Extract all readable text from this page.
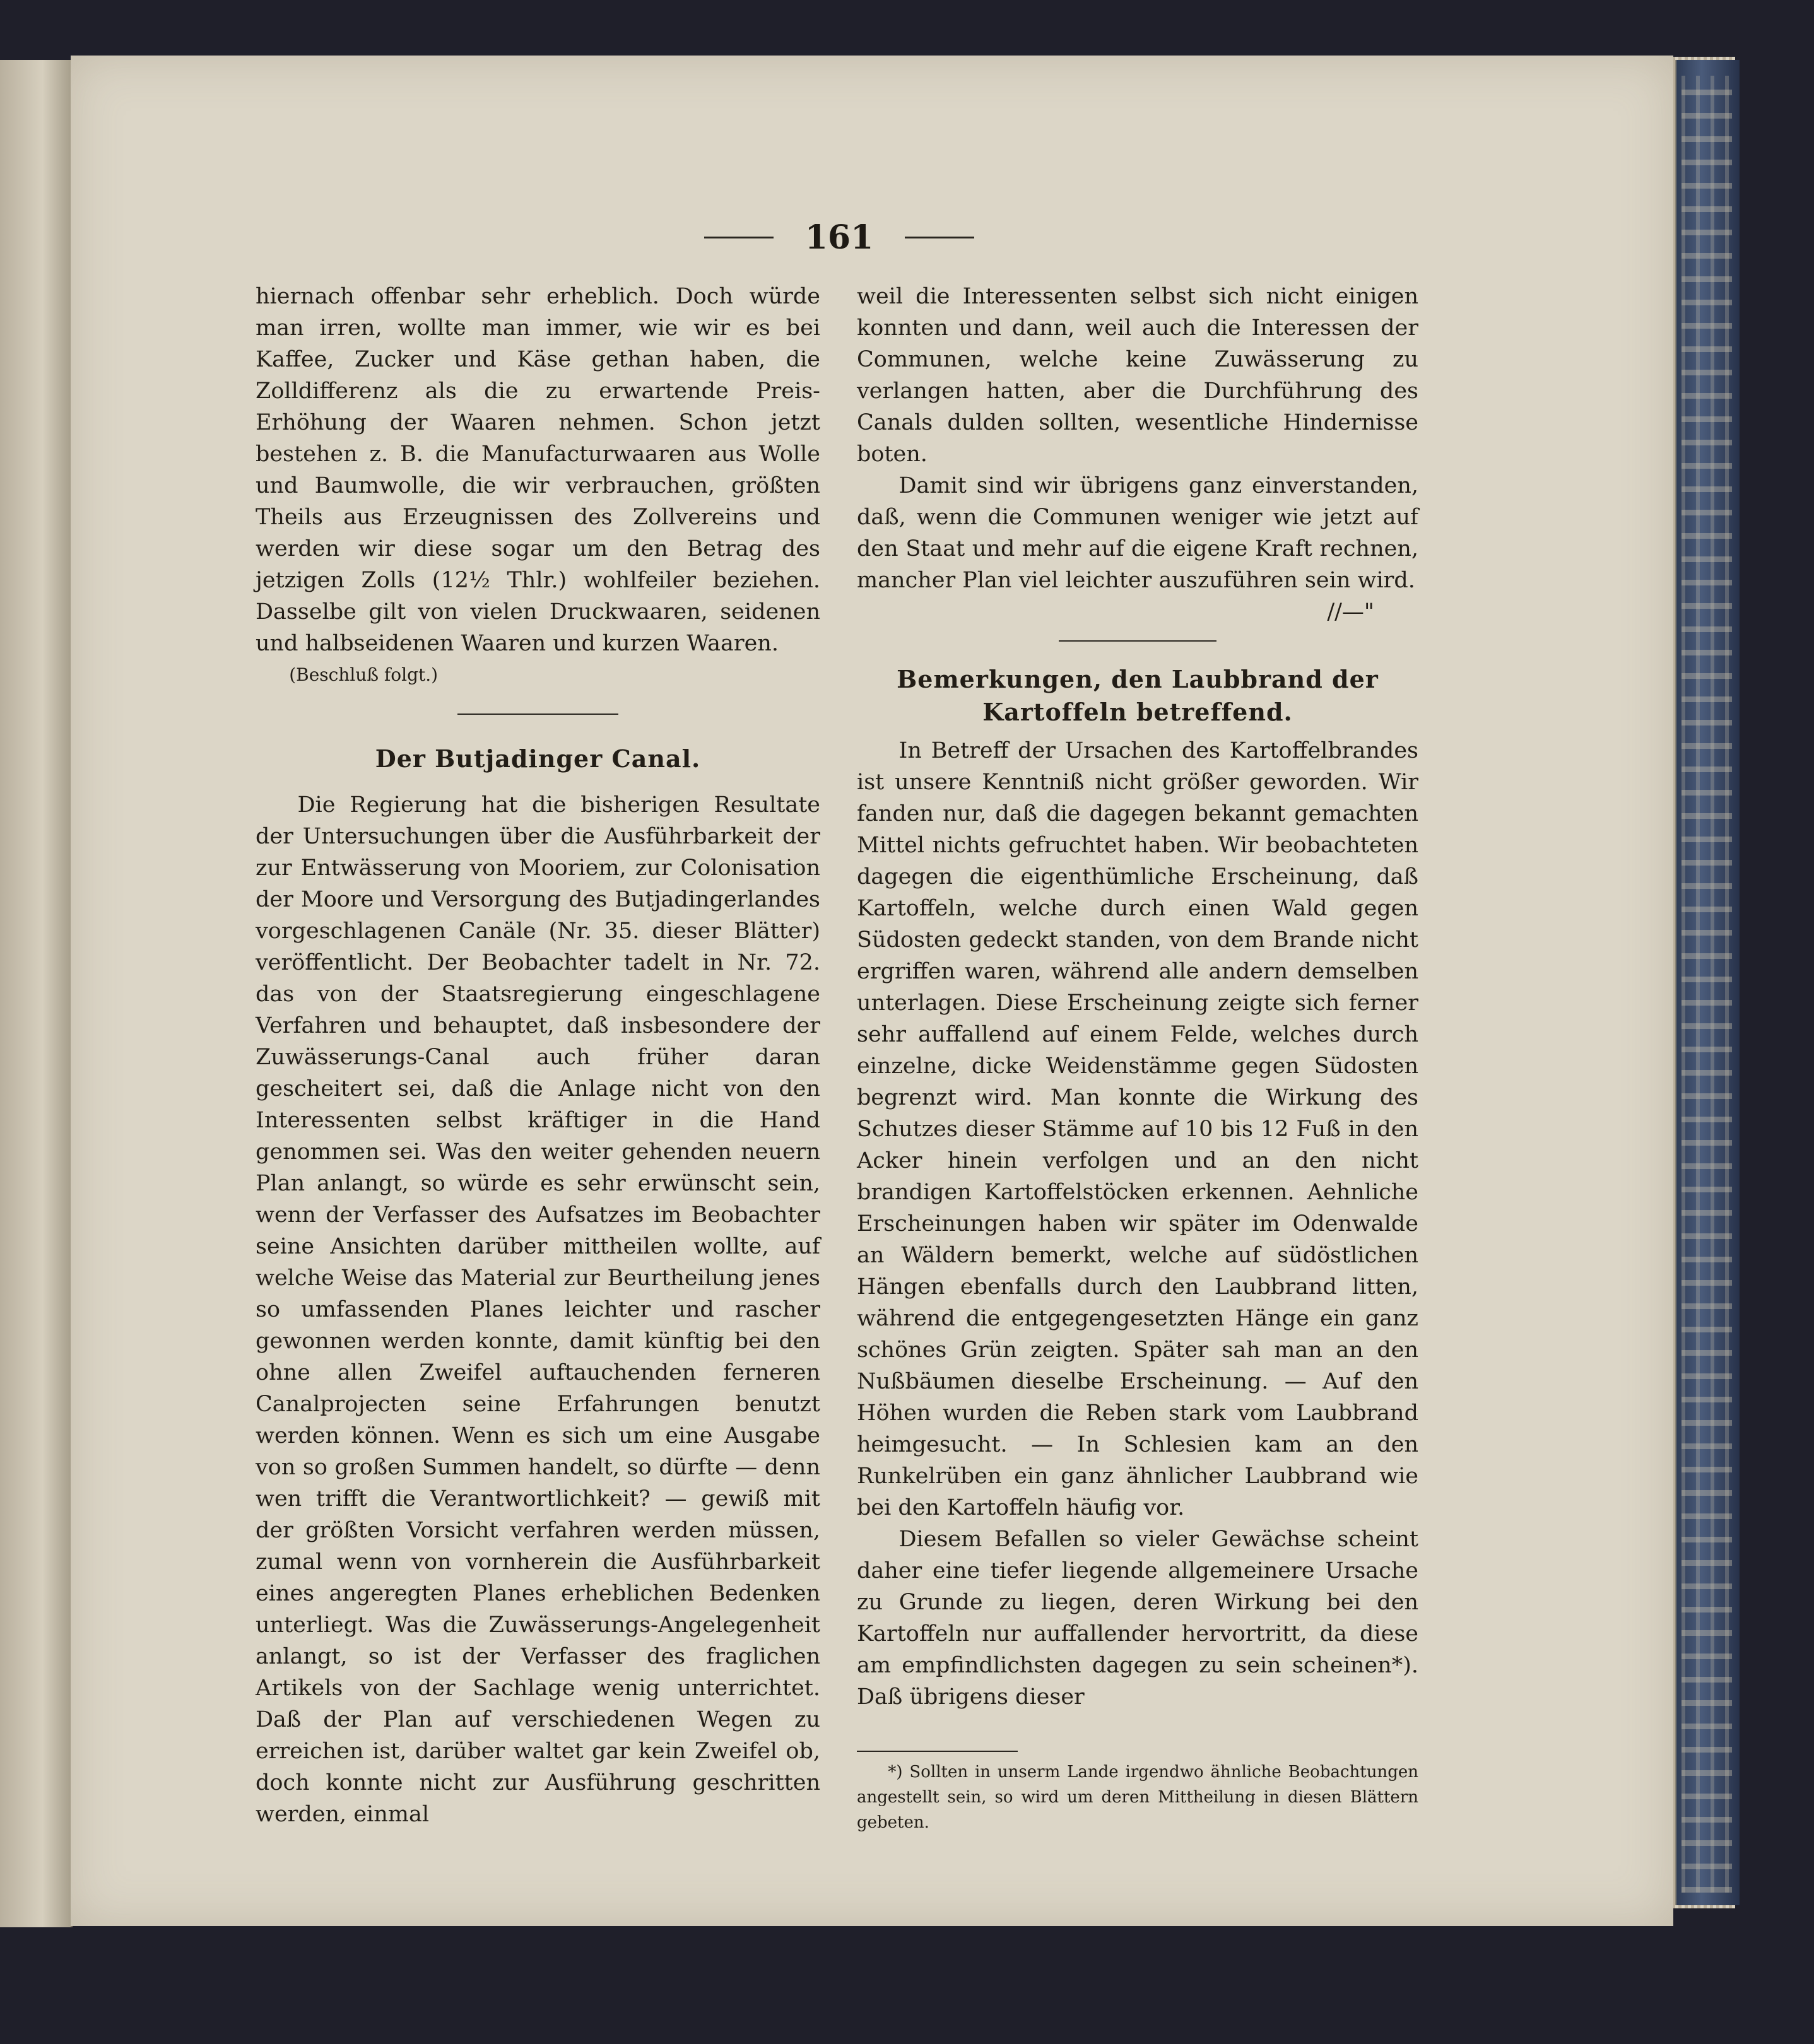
161

hiernach offenbar sehr erheblich. Doch würde man irren, wollte man immer, wie wir es bei Kaffee, Zucker und Käse gethan haben, die Zolldifferenz als die zu erwartende Preis-Erhöhung der Waaren nehmen. Schon jetzt bestehen z. B. die Manufacturwaaren aus Wolle und Baumwolle, die wir verbrauchen, größten Theils aus Erzeugnissen des Zollvereins und werden wir diese sogar um den Betrag des jetzigen Zolls (12½ Thlr.) wohlfeiler beziehen. Dasselbe gilt von vielen Druckwaaren, seidenen und halbseidenen Waaren und kurzen Waaren.

(Beschluß folgt.)

Der Butjadinger Canal.

Die Regierung hat die bisherigen Resultate der Untersuchungen über die Ausführbarkeit der zur Entwässerung von Mooriem, zur Colonisation der Moore und Versorgung des Butjadingerlandes vorgeschlagenen Canäle (Nr. 35. dieser Blätter) veröffentlicht. Der Beobachter tadelt in Nr. 72. das von der Staatsregierung eingeschlagene Verfahren und behauptet, daß insbesondere der Zuwässerungs-Canal auch früher daran gescheitert sei, daß die Anlage nicht von den Interessenten selbst kräftiger in die Hand genommen sei. Was den weiter gehenden neuern Plan anlangt, so würde es sehr erwünscht sein, wenn der Verfasser des Aufsatzes im Beobachter seine Ansichten darüber mittheilen wollte, auf welche Weise das Material zur Beurtheilung jenes so umfassenden Planes leichter und rascher gewonnen werden konnte, damit künftig bei den ohne allen Zweifel auftauchenden ferneren Canalprojecten seine Erfahrungen benutzt werden können. Wenn es sich um eine Ausgabe von so großen Summen handelt, so dürfte — denn wen trifft die Verantwortlichkeit? — gewiß mit der größten Vorsicht verfahren werden müssen, zumal wenn von vornherein die Ausführbarkeit eines angeregten Planes erheblichen Bedenken unterliegt. Was die Zuwässerungs-Angelegenheit anlangt, so ist der Verfasser des fraglichen Artikels von der Sachlage wenig unterrichtet. Daß der Plan auf verschiedenen Wegen zu erreichen ist, darüber waltet gar kein Zweifel ob, doch konnte nicht zur Ausführung geschritten werden, einmal

weil die Interessenten selbst sich nicht einigen konnten und dann, weil auch die Interessen der Communen, welche keine Zuwässerung zu verlangen hatten, aber die Durchführung des Canals dulden sollten, wesentliche Hindernisse boten.

Damit sind wir übrigens ganz einverstanden, daß, wenn die Communen weniger wie jetzt auf den Staat und mehr auf die eigene Kraft rechnen, mancher Plan viel leichter auszuführen sein wird.

//—"
Bemerkungen, den Laubbrand der
Kartoffeln betreffend.

In Betreff der Ursachen des Kartoffelbrandes ist unsere Kenntniß nicht größer geworden. Wir fanden nur, daß die dagegen bekannt gemachten Mittel nichts gefruchtet haben. Wir beobachteten dagegen die eigenthümliche Erscheinung, daß Kartoffeln, welche durch einen Wald gegen Südosten gedeckt standen, von dem Brande nicht ergriffen waren, während alle andern demselben unterlagen. Diese Erscheinung zeigte sich ferner sehr auffallend auf einem Felde, welches durch einzelne, dicke Weidenstämme gegen Südosten begrenzt wird. Man konnte die Wirkung des Schutzes dieser Stämme auf 10 bis 12 Fuß in den Acker hinein verfolgen und an den nicht brandigen Kartoffelstöcken erkennen. Aehnliche Erscheinungen haben wir später im Odenwalde an Wäldern bemerkt, welche auf südöstlichen Hängen ebenfalls durch den Laubbrand litten, während die entgegengesetzten Hänge ein ganz schönes Grün zeigten. Später sah man an den Nußbäumen dieselbe Erscheinung. — Auf den Höhen wurden die Reben stark vom Laubbrand heimgesucht. — In Schlesien kam an den Runkelrüben ein ganz ähnlicher Laubbrand wie bei den Kartoffeln häufig vor.

Diesem Befallen so vieler Gewächse scheint daher eine tiefer liegende allgemeinere Ursache zu Grunde zu liegen, deren Wirkung bei den Kartoffeln nur auffallender hervortritt, da diese am empfindlichsten dagegen zu sein scheinen*). Daß übrigens dieser

*) Sollten in unserm Lande irgendwo ähnliche Beobachtungen angestellt sein, so wird um deren Mittheilung in diesen Blättern gebeten.
